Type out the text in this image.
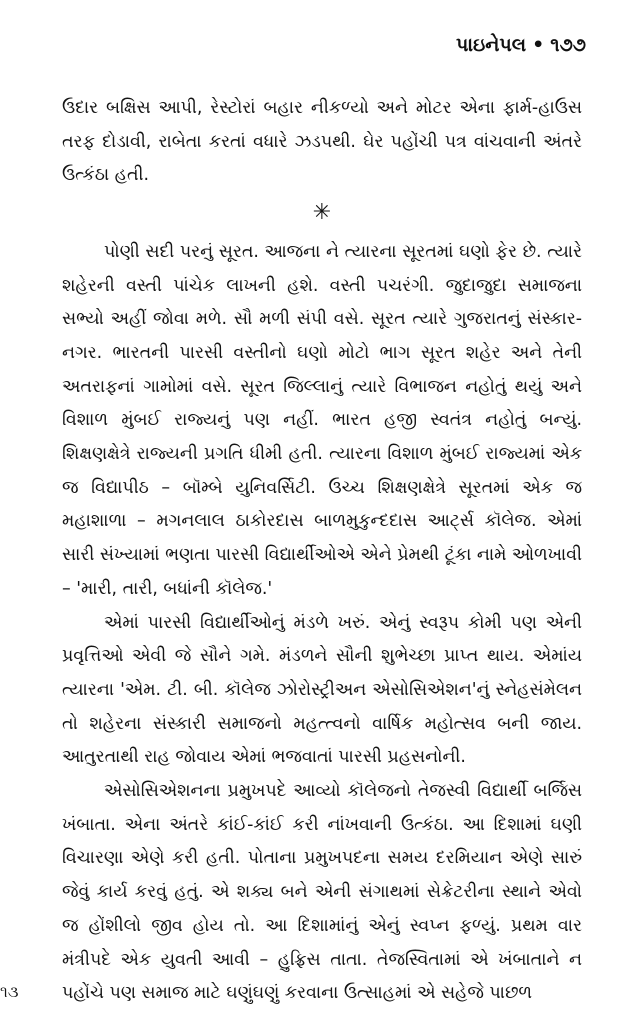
પાઇનેપલ • ૧૭૭

ઉદાર બક્ષિસ આપી, રેસ્ટોરાં બહાર નીકળ્યો અને મોટર એના ફાર્મ-હાઉસ તરફ દોડાવી, રાબેતા કરતાં વધારે ઝડપથી. ઘેર પહોંચી પત્ર વાંચવાની અંતરે ઉત્કંઠા હતી.

✳

પોણી સદી પરનું સૂરત. આજના ને ત્યારના સૂરતમાં ઘણો ફેર છે. ત્યારે શહેરની વસ્તી પાંચેક લાખની હશે. વસ્તી પચરંગી. જુદાજુદા સમાજના સભ્યો અહીં જોવા મળે. સૌ મળી સંપી વસે. સૂરત ત્યારે ગુજરાતનું સંસ્કાર-નગર. ભારતની પારસી વસ્તીનો ઘણો મોટો ભાગ સૂરત શહેર અને તેની અતરાફનાં ગામોમાં વસે. સૂરત જિલ્લાનું ત્યારે વિભાજન નહોતું થયું અને વિશાળ મુંબઈ રાજ્યનું પણ નહીં. ભારત હજી સ્વતંત્ર નહોતું બન્યું. શિક્ષણક્ષેત્રે રાજ્યની પ્રગતિ ધીમી હતી. ત્યારના વિશાળ મુંબઈ રાજ્યમાં એક જ વિદ્યાપીઠ – બૉમ્બે યુનિવર્સિટી. ઉચ્ચ શિક્ષણક્ષેત્રે સૂરતમાં એક જ મહાશાળા – મગનલાલ ઠાકોરદાસ બાળમુકુન્દદાસ આર્ટ્સ કૉલેજ. એમાં સારી સંખ્યામાં ભણતા પારસી વિદ્યાર્થીઓએ એને પ્રેમથી ટૂંકા નામે ઓળખાવી – 'મારી, તારી, બધાંની કૉલેજ.'

એમાં પારસી વિદ્યાર્થીઓનું મંડળે ખરું. એનું સ્વરૂપ કોમી પણ એની પ્રવૃત્તિઓ એવી જે સૌને ગમે. મંડળને સૌની શુભેચ્છા પ્રાપ્ત થાય. એમાંય ત્યારના 'એમ. ટી. બી. કૉલેજ ઝોરોસ્ટ્રીઅન એસોસિએશન'નું સ્નેહસંમેલન તો શહેરના સંસ્કારી સમાજનો મહત્ત્વનો વાર્ષિક મહોત્સવ બની જાય. આતુરતાથી રાહ જોવાય એમાં ભજવાતાં પારસી પ્રહસનોની.

એસોસિએશનના પ્રમુખપદે આવ્યો કૉલેજનો તેજસ્વી વિદ્યાર્થી બર્જિસ ખંબાતા. એના અંતરે કાંઈ-કાંઈ કરી નાંખવાની ઉત્કંઠા. આ દિશામાં ઘણી વિચારણા એણે કરી હતી. પોતાના પ્રમુખપદના સમય દરમિયાન એણે સારું જેવું કાર્ય કરવું હતું. એ શક્ય બને એની સંગાથમાં સેક્રેટરીના સ્થાને એવો જ હોંશીલો જીવ હોય તો. આ દિશામાંનું એનું સ્વપ્ન ફળ્યું. પ્રથમ વાર મંત્રીપદે એક યુવતી આવી – હુફ્રિસ તાતા. તેજસ્વિતામાં એ ખંબાતાને ન પહોંચે પણ સમાજ માટે ઘણુંઘણું કરવાના ઉત્સાહમાં એ સહેજે પાછળ

૧૩
